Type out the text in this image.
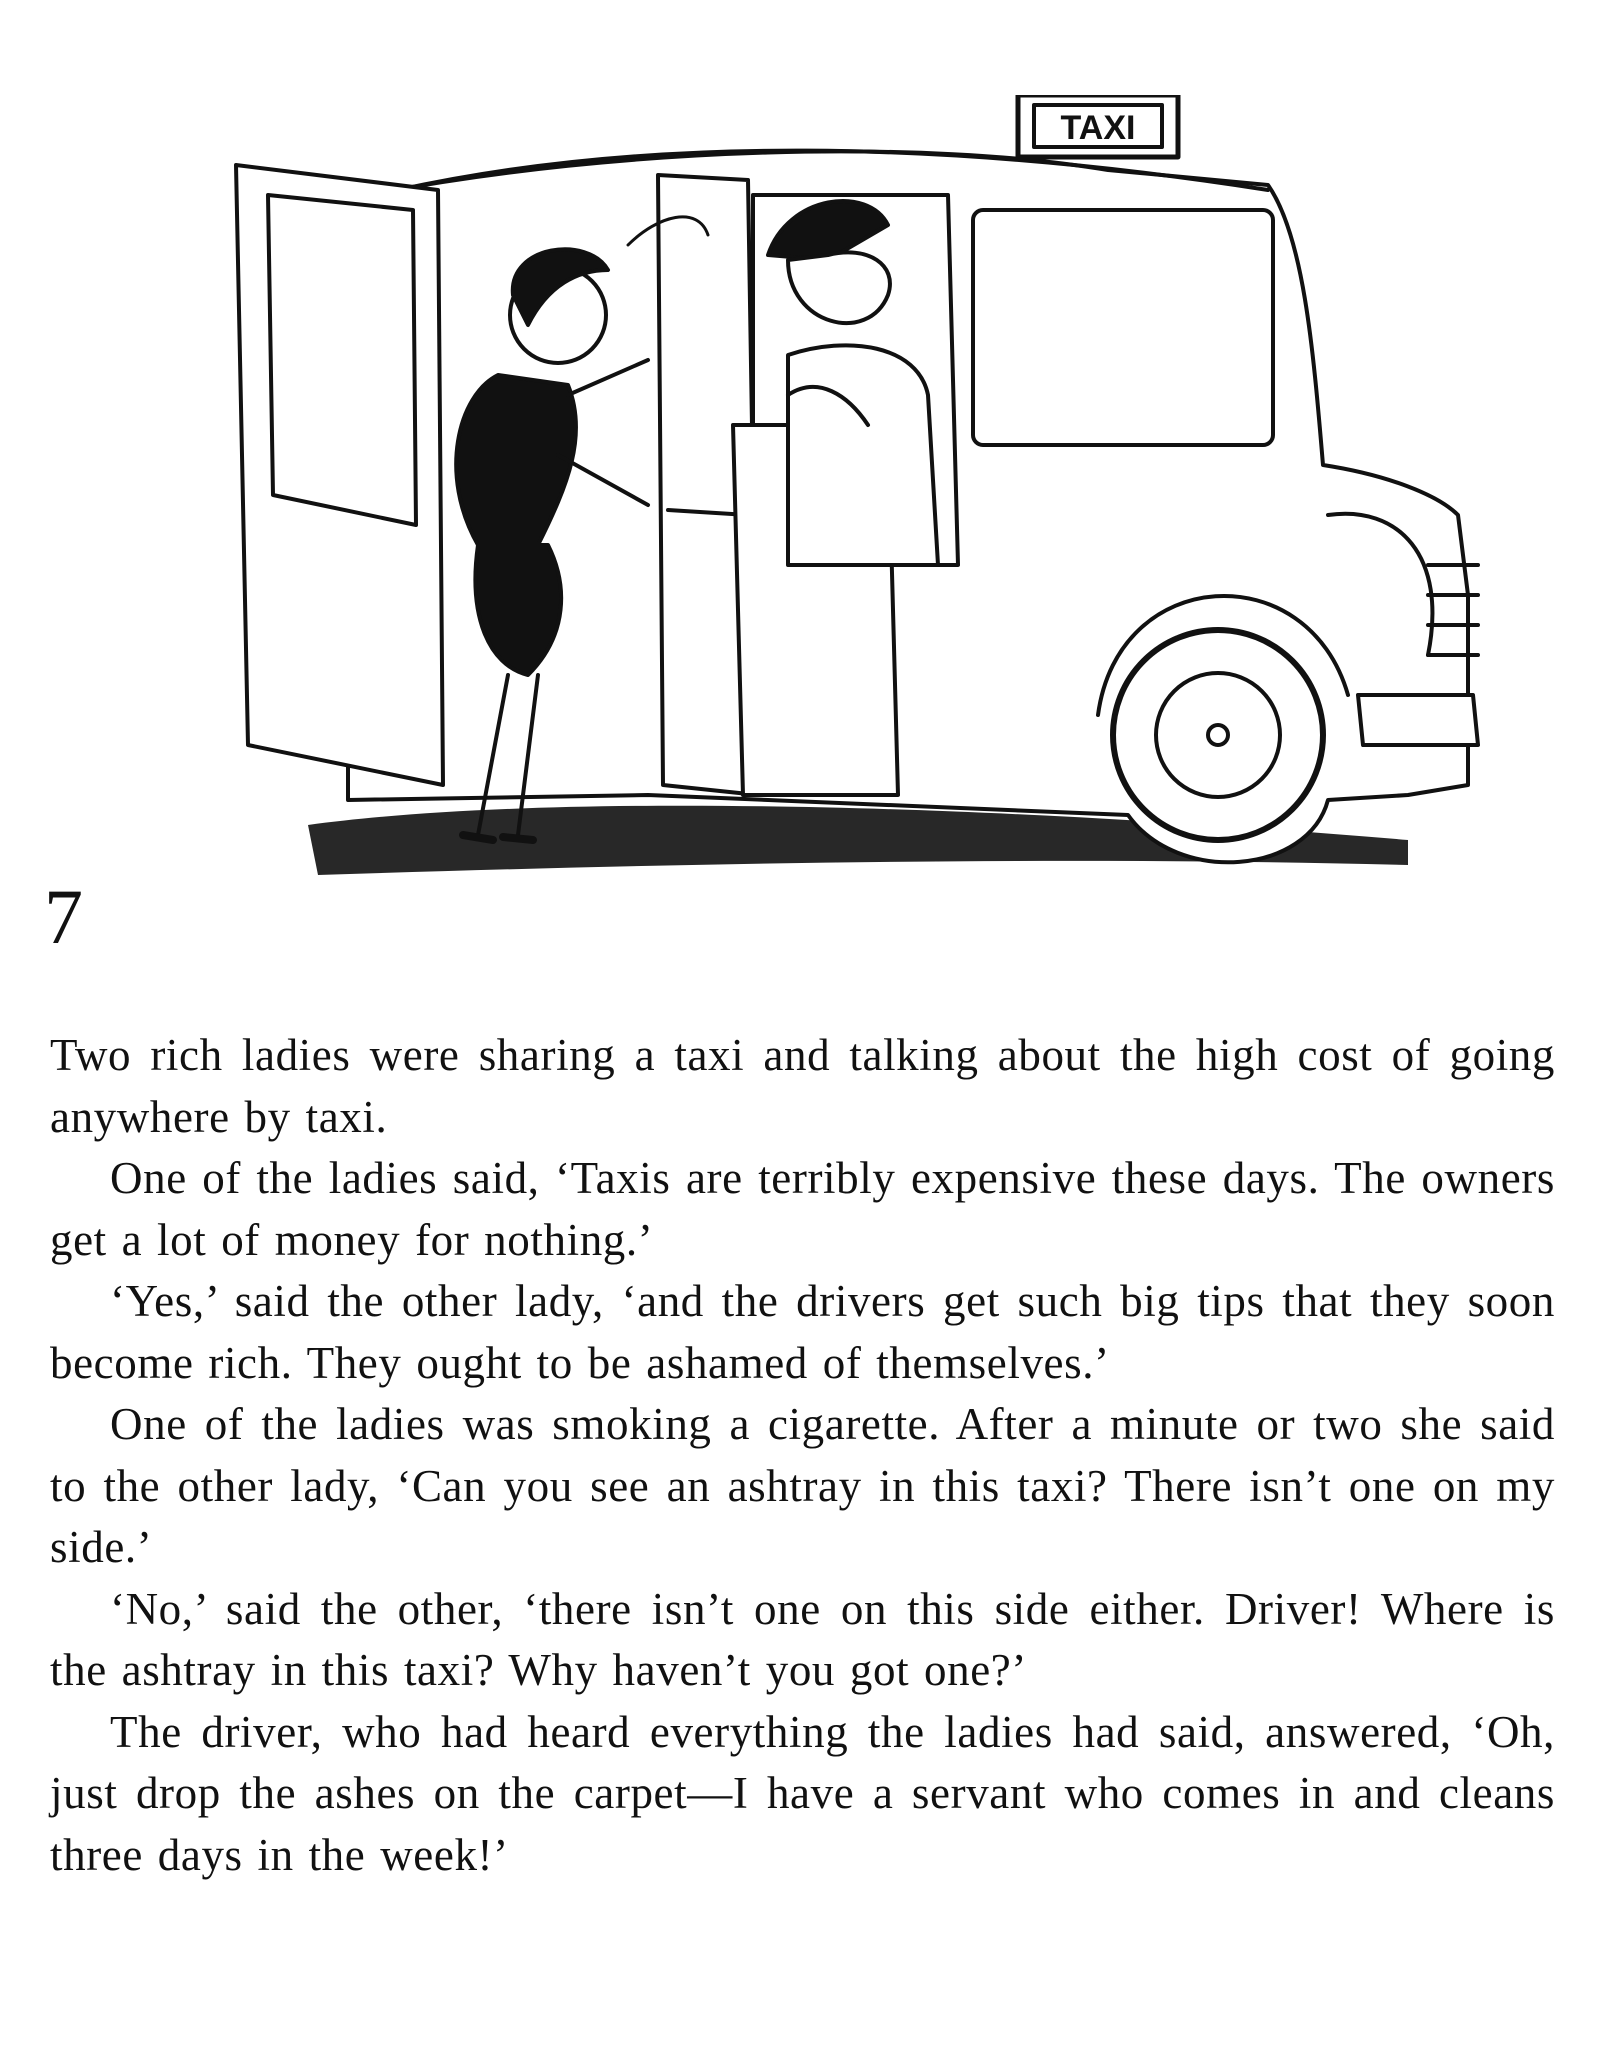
TAXI
7

Two rich ladies were sharing a taxi and talking about the high cost of going anywhere by taxi.

One of the ladies said, ‘Taxis are terribly expensive these days. The owners get a lot of money for nothing.’

‘Yes,’ said the other lady, ‘and the drivers get such big tips that they soon become rich. They ought to be ashamed of themselves.’

One of the ladies was smoking a cigarette. After a minute or two she said to the other lady, ‘Can you see an ashtray in this taxi? There isn’t one on my side.’

‘No,’ said the other, ‘there isn’t one on this side either. Driver! Where is the ashtray in this taxi? Why haven’t you got one?’

The driver, who had heard everything the ladies had said, answered, ‘Oh, just drop the ashes on the carpet—I have a servant who comes in and cleans three days in the week!’
